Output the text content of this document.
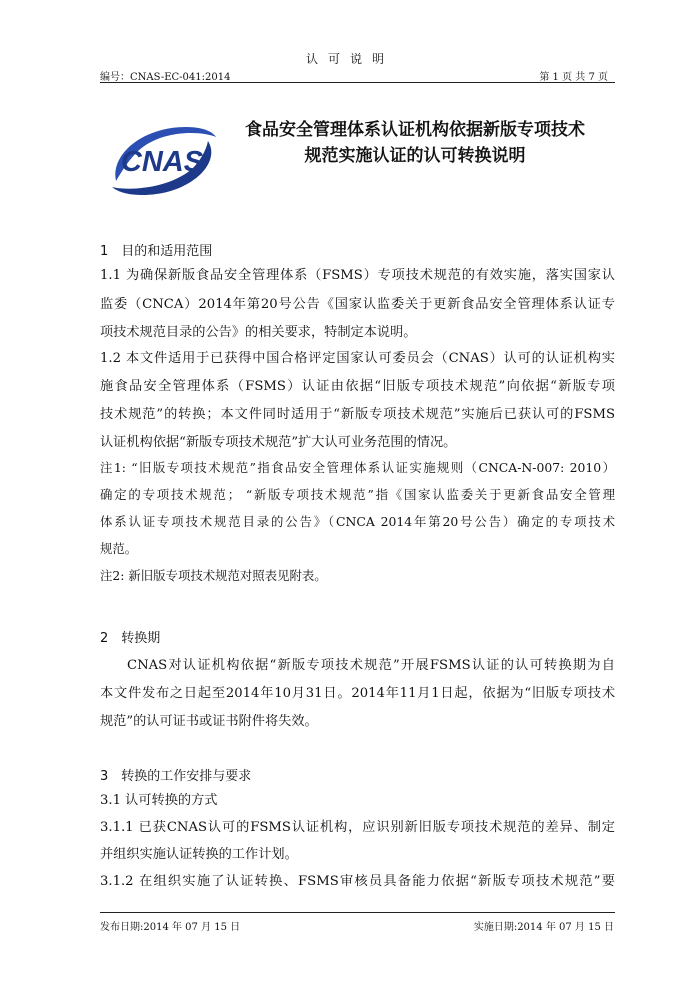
认可说明
编号：CNAS-EC-041:2014	第 1 页 共 7 页
CNAS
食品安全管理体系认证机构依据新版专项技术
规范实施认证的认可转换说明
1　目的和适用范围
1.1 为确保新版食品安全管理体系（FSMS）专项技术规范的有效实施，落实国家认
监委（CNCA）2014年第20号公告《国家认监委关于更新食品安全管理体系认证专
项技术规范目录的公告》的相关要求，特制定本说明。
1.2 本文件适用于已获得中国合格评定国家认可委员会（CNAS）认可的认证机构实
施食品安全管理体系（FSMS）认证由依据“旧版专项技术规范”向依据“新版专项
技术规范”的转换；本文件同时适用于“新版专项技术规范”实施后已获认可的FSMS
认证机构依据“新版专项技术规范”扩大认可业务范围的情况。
注1: “旧版专项技术规范”指食品安全管理体系认证实施规则（CNCA-N-007: 2010）
确定的专项技术规范； “新版专项技术规范”指《国家认监委关于更新食品安全管理
体系认证专项技术规范目录的公告》（CNCA 2014年第20号公告）确定的专项技术
规范。
注2: 新旧版专项技术规范对照表见附表。
2　转换期
CNAS对认证机构依据“新版专项技术规范”开展FSMS认证的认可转换期为自
本文件发布之日起至2014年10月31日。2014年11月1日起，依据为“旧版专项技术
规范”的认可证书或证书附件将失效。
3　转换的工作安排与要求
3.1 认可转换的方式
3.1.1 已获CNAS认可的FSMS认证机构，应识别新旧版专项技术规范的差异、制定
并组织实施认证转换的工作计划。
3.1.2 在组织实施了认证转换、FSMS审核员具备能力依据“新版专项技术规范”要
发布日期:2014 年 07 月 15 日	实施日期:2014 年 07 月 15 日
